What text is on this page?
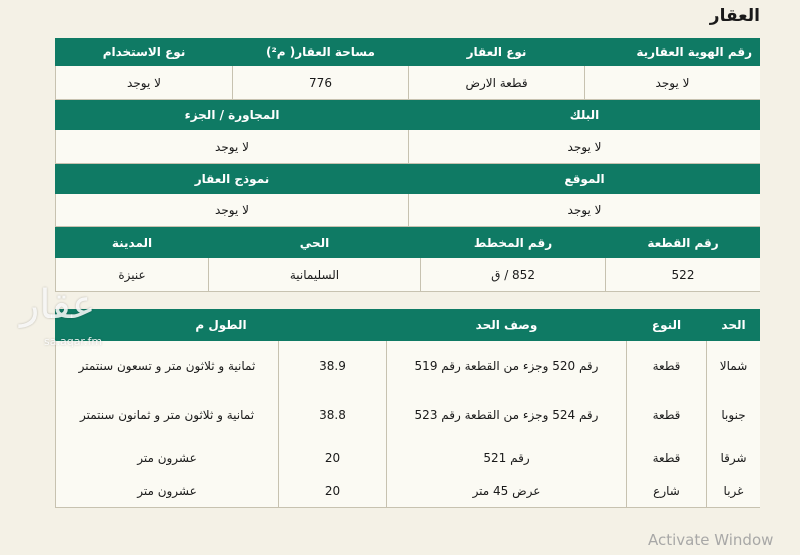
العقار
رقم الهوية العقارية
نوع العقار
مساحة العقار( م²)
نوع الاستخدام
لا يوجد
قطعة الارض
776
لا يوجد
البلك
المجاورة / الجزء
لا يوجد
لا يوجد
الموقع
نموذج العقار
لا يوجد
لا يوجد
رقم القطعة
رقم المخطط
الحي
المدينة
522
852 / ق
السليمانية
عنيزة
الحد
النوع
وصف الحد
الطول م
شمالا
قطعة
رقم 520 وجزء من القطعة رقم 519
38.9
ثمانية و ثلاثون متر و تسعون سنتمتر
جنوبا
قطعة
رقم 524 وجزء من القطعة رقم 523
38.8
ثمانية و ثلاثون متر و ثمانون سنتمتر
شرقا
قطعة
رقم 521
20
عشرون متر
غربا
شارع
عرض 45 متر
20
عشرون متر
عقار
sa.aqar.fm
Activate Window
